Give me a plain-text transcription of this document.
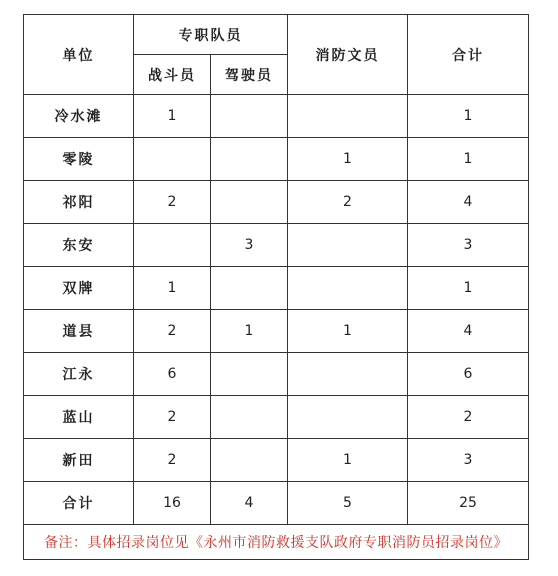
单位	专职队员		消防文员	合计
	战斗员	驾驶员		
冷水滩	1			1
零陵			1	1
祁阳	2		2	4
东安		3		3
双牌	1			1
道县	2	1	1	4
江永	6			6
蓝山	2			2
新田	2		1	3
合计	16	4	5	25
备注：具体招录岗位见《永州市消防救援支队政府专职消防员招录岗位》				
